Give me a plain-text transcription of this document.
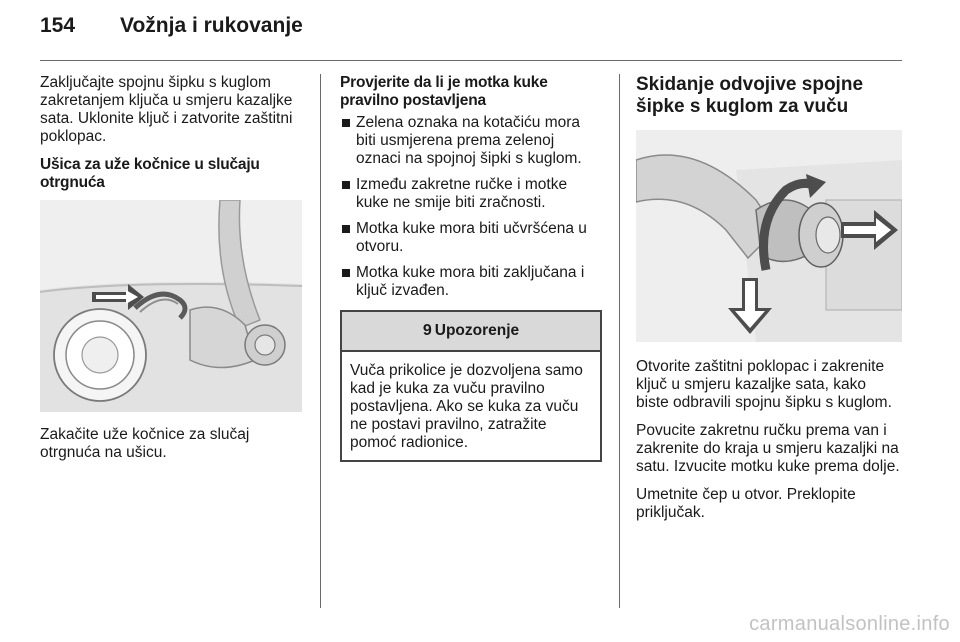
154	Vožnja i rukovanje

Zaključajte spojnu šipku s kuglom zakretanjem ključa u smjeru kazaljke sata. Uklonite ključ i zatvorite zaštitni poklopac.

Ušica za uže kočnice u slučaju otrgnuća

Zakačite uže kočnice za slučaj otrgnuća na ušicu.

Provjerite da li je motka kuke pravilno postavljena
Zelena oznaka na kotačiću mora biti usmjerena prema zelenoj oznaci na spojnoj šipki s kuglom.
Između zakretne ručke i motke kuke ne smije biti zračnosti.
Motka kuke mora biti učvršćena u otvoru.
Motka kuke mora biti zaključana i ključ izvađen.
9 Upozorenje

Vuča prikolice je dozvoljena samo kad je kuka za vuču pravilno postavljena. Ako se kuka za vuču ne postavi pravilno, zatražite pomoć radionice.

Skidanje odvojive spojne šipke s kuglom za vuču

Otvorite zaštitni poklopac i zakrenite ključ u smjeru kazaljke sata, kako biste odbravili spojnu šipku s kuglom.

Povucite zakretnu ručku prema van i zakrenite do kraja u smjeru kazaljki na satu. Izvucite motku kuke prema dolje.

Umetnite čep u otvor. Preklopite priključak.

carmanualsonline.info
